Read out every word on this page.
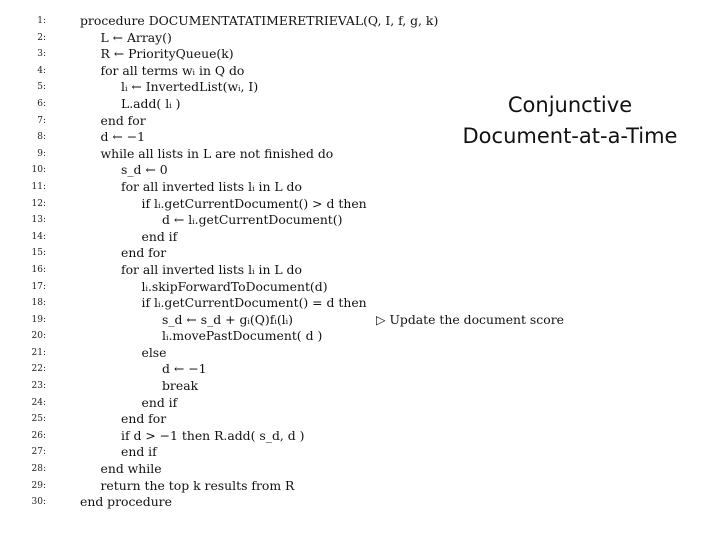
1:	procedure DOCUMENTATATIMERETRIEVAL(Q, I, f, g, k)
2:	L ← Array()
3:	R ← PriorityQueue(k)
4:	for all terms wᵢ in Q do
5:	lᵢ ← InvertedList(wᵢ, I)
6:	L.add( lᵢ )
7:	end for
8:	d ← −1
9:	while all lists in L are not finished do
10:	s_d ← 0
11:	for all inverted lists lᵢ in L do
12:	if lᵢ.getCurrentDocument() > d then
13:	d ← lᵢ.getCurrentDocument()
14:	end if
15:	end for
16:	for all inverted lists lᵢ in L do
17:	lᵢ.skipForwardToDocument(d)
18:	if lᵢ.getCurrentDocument() = d then
19:	s_d ← s_d + gᵢ(Q)fᵢ(lᵢ)	▷ Update the document score
20:	lᵢ.movePastDocument( d )
21:	else
22:	d ← −1
23:	break
24:	end if
25:	end for
26:	if d > −1 then R.add( s_d, d )
27:	end if
28:	end while
29:	return the top k results from R
30:	end procedure
Conjunctive
Document-at-a-Time
